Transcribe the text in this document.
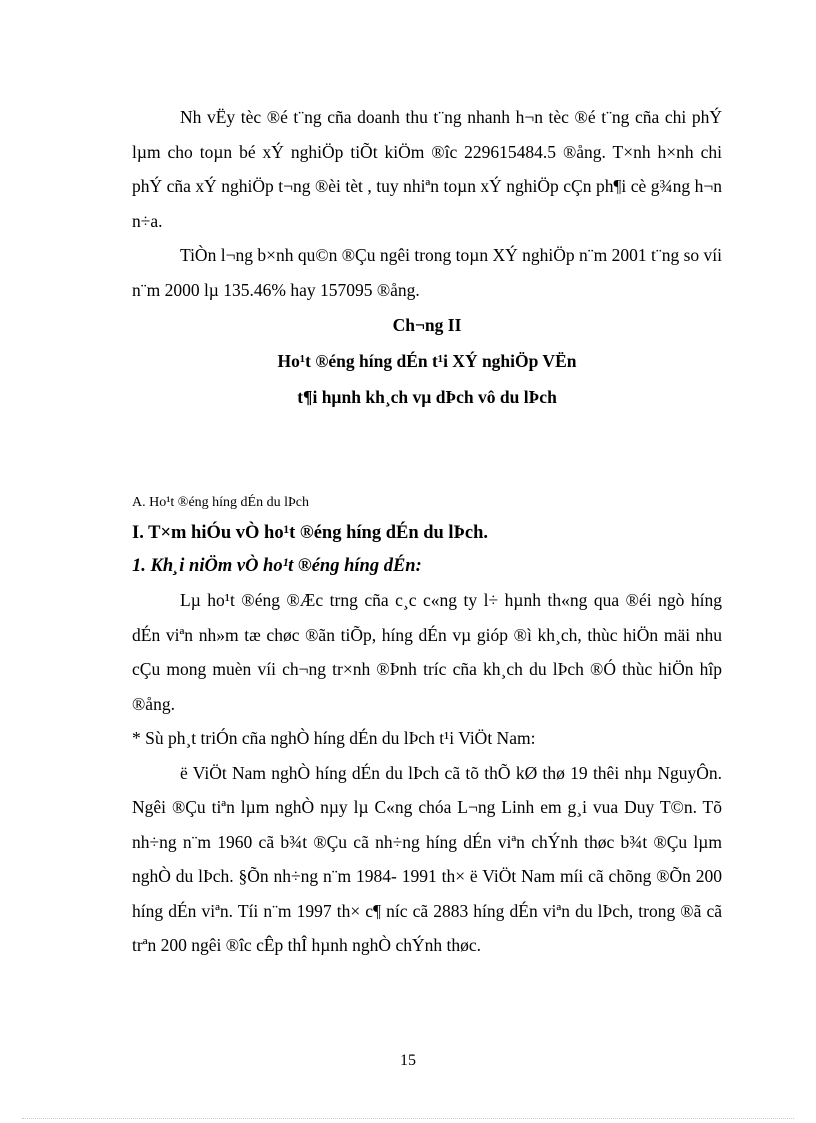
Nh vËy tèc ®é t¨ng cña doanh thu t¨ng nhanh h¬n tèc ®é t¨ng cña chi phÝ lµm cho toµn bé xÝ nghiÖp tiÕt kiÖm ®îc 229615484.5 ®ång. T×nh h×nh chi phÝ cña xÝ nghiÖp t¬ng ®èi tèt , tuy nhiªn toµn xÝ nghiÖp cÇn ph¶i cè g¾ng h¬n n÷a.

TiÒn l¬ng b×nh qu©n ®Çu ngêi trong toµn XÝ nghiÖp n¨m 2001 t¨ng so víi n¨m 2000 lµ 135.46% hay 157095 ®ång.

Ch¬ng II

Ho¹t ®éng híng dÉn t¹i XÝ nghiÖp VËn

t¶i hµnh kh¸ch vµ dÞch vô du lÞch

A. Ho¹t ®éng híng dÉn du lÞch

I. T×m hiÓu vÒ ho¹t ®éng híng dÉn du lÞch.

1. Kh¸i niÖm vÒ ho¹t ®éng híng dÉn:

Lµ ho¹t ®éng ®Æc trng cña c¸c c«ng ty l÷ hµnh th«ng qua ®éi ngò híng dÉn viªn nh»m tæ chøc ®ãn tiÕp, híng dÉn vµ gióp ®ì kh¸ch, thùc hiÖn mäi nhu cÇu mong muèn víi ch¬ng tr×nh ®Þnh tríc cña kh¸ch du lÞch ®Ó thùc hiÖn hîp ®ång.

* Sù ph¸t triÓn cña nghÒ híng dÉn du lÞch t¹i ViÖt Nam:

ë ViÖt Nam nghÒ híng dÉn du lÞch cã tõ thÕ kØ thø 19 thêi nhµ NguyÔn. Ngêi ®Çu tiªn lµm nghÒ nµy lµ C«ng chóa L¬ng Linh em g¸i vua Duy T©n. Tõ nh÷ng n¨m 1960 cã b¾t ®Çu cã nh÷ng híng dÉn viªn chÝnh thøc b¾t ®Çu lµm nghÒ du lÞch. §Õn nh÷ng n¨m 1984- 1991 th× ë ViÖt Nam míi cã chõng ®Õn 200 híng dÉn viªn. Tíi n¨m 1997 th× c¶ níc cã 2883 híng dÉn viªn du lÞch, trong ®ã cã trªn 200 ngêi ®îc cÊp thÎ hµnh nghÒ chÝnh thøc.

15
